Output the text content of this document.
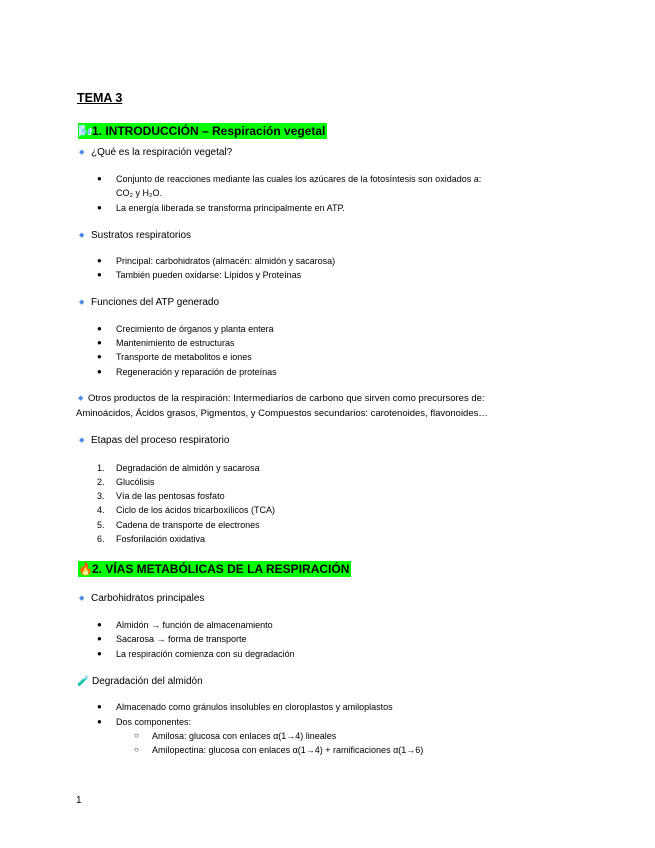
TEMA 3
🌬️1. INTRODUCCIÓN – Respiración vegetal
◆ ¿Qué es la respiración vegetal?
● Conjunto de reacciones mediante las cuales los azúcares de la fotosíntesis son oxidados a:
CO₂ y H₂O.
● La energía liberada se transforma principalmente en ATP.
◆ Sustratos respiratorios
● Principal: carbohidratos (almacén: almidón y sacarosa)
● También pueden oxidarse: Lípidos y Proteínas
◆ Funciones del ATP generado
● Crecimiento de órganos y planta entera
● Mantenimiento de estructuras
● Transporte de metabolitos e iones
● Regeneración y reparación de proteínas
◆ Otros productos de la respiración: Intermediarios de carbono que sirven como precursores de:
Aminoácidos, Ácidos grasos, Pigmentos, y Compuestos secundarios: carotenoides, flavonoides…
◆ Etapas del proceso respiratorio
1. Degradación de almidón y sacarosa
2. Glucólisis
3. Vía de las pentosas fosfato
4. Ciclo de los ácidos tricarboxílicos (TCA)
5. Cadena de transporte de electrones
6. Fosforilación oxidativa
🔥2. VÍAS METABÓLICAS DE LA RESPIRACIÓN
◆ Carbohidratos principales
● Almidón → función de almacenamiento
● Sacarosa → forma de transporte
● La respiración comienza con su degradación
🧪 Degradación del almidón
● Almacenado como gránulos insolubles en cloroplastos y amiloplastos
● Dos componentes:
○ Amilosa: glucosa con enlaces α(1→4) lineales
○ Amilopectina: glucosa con enlaces α(1→4) + ramificaciones α(1→6)
1
